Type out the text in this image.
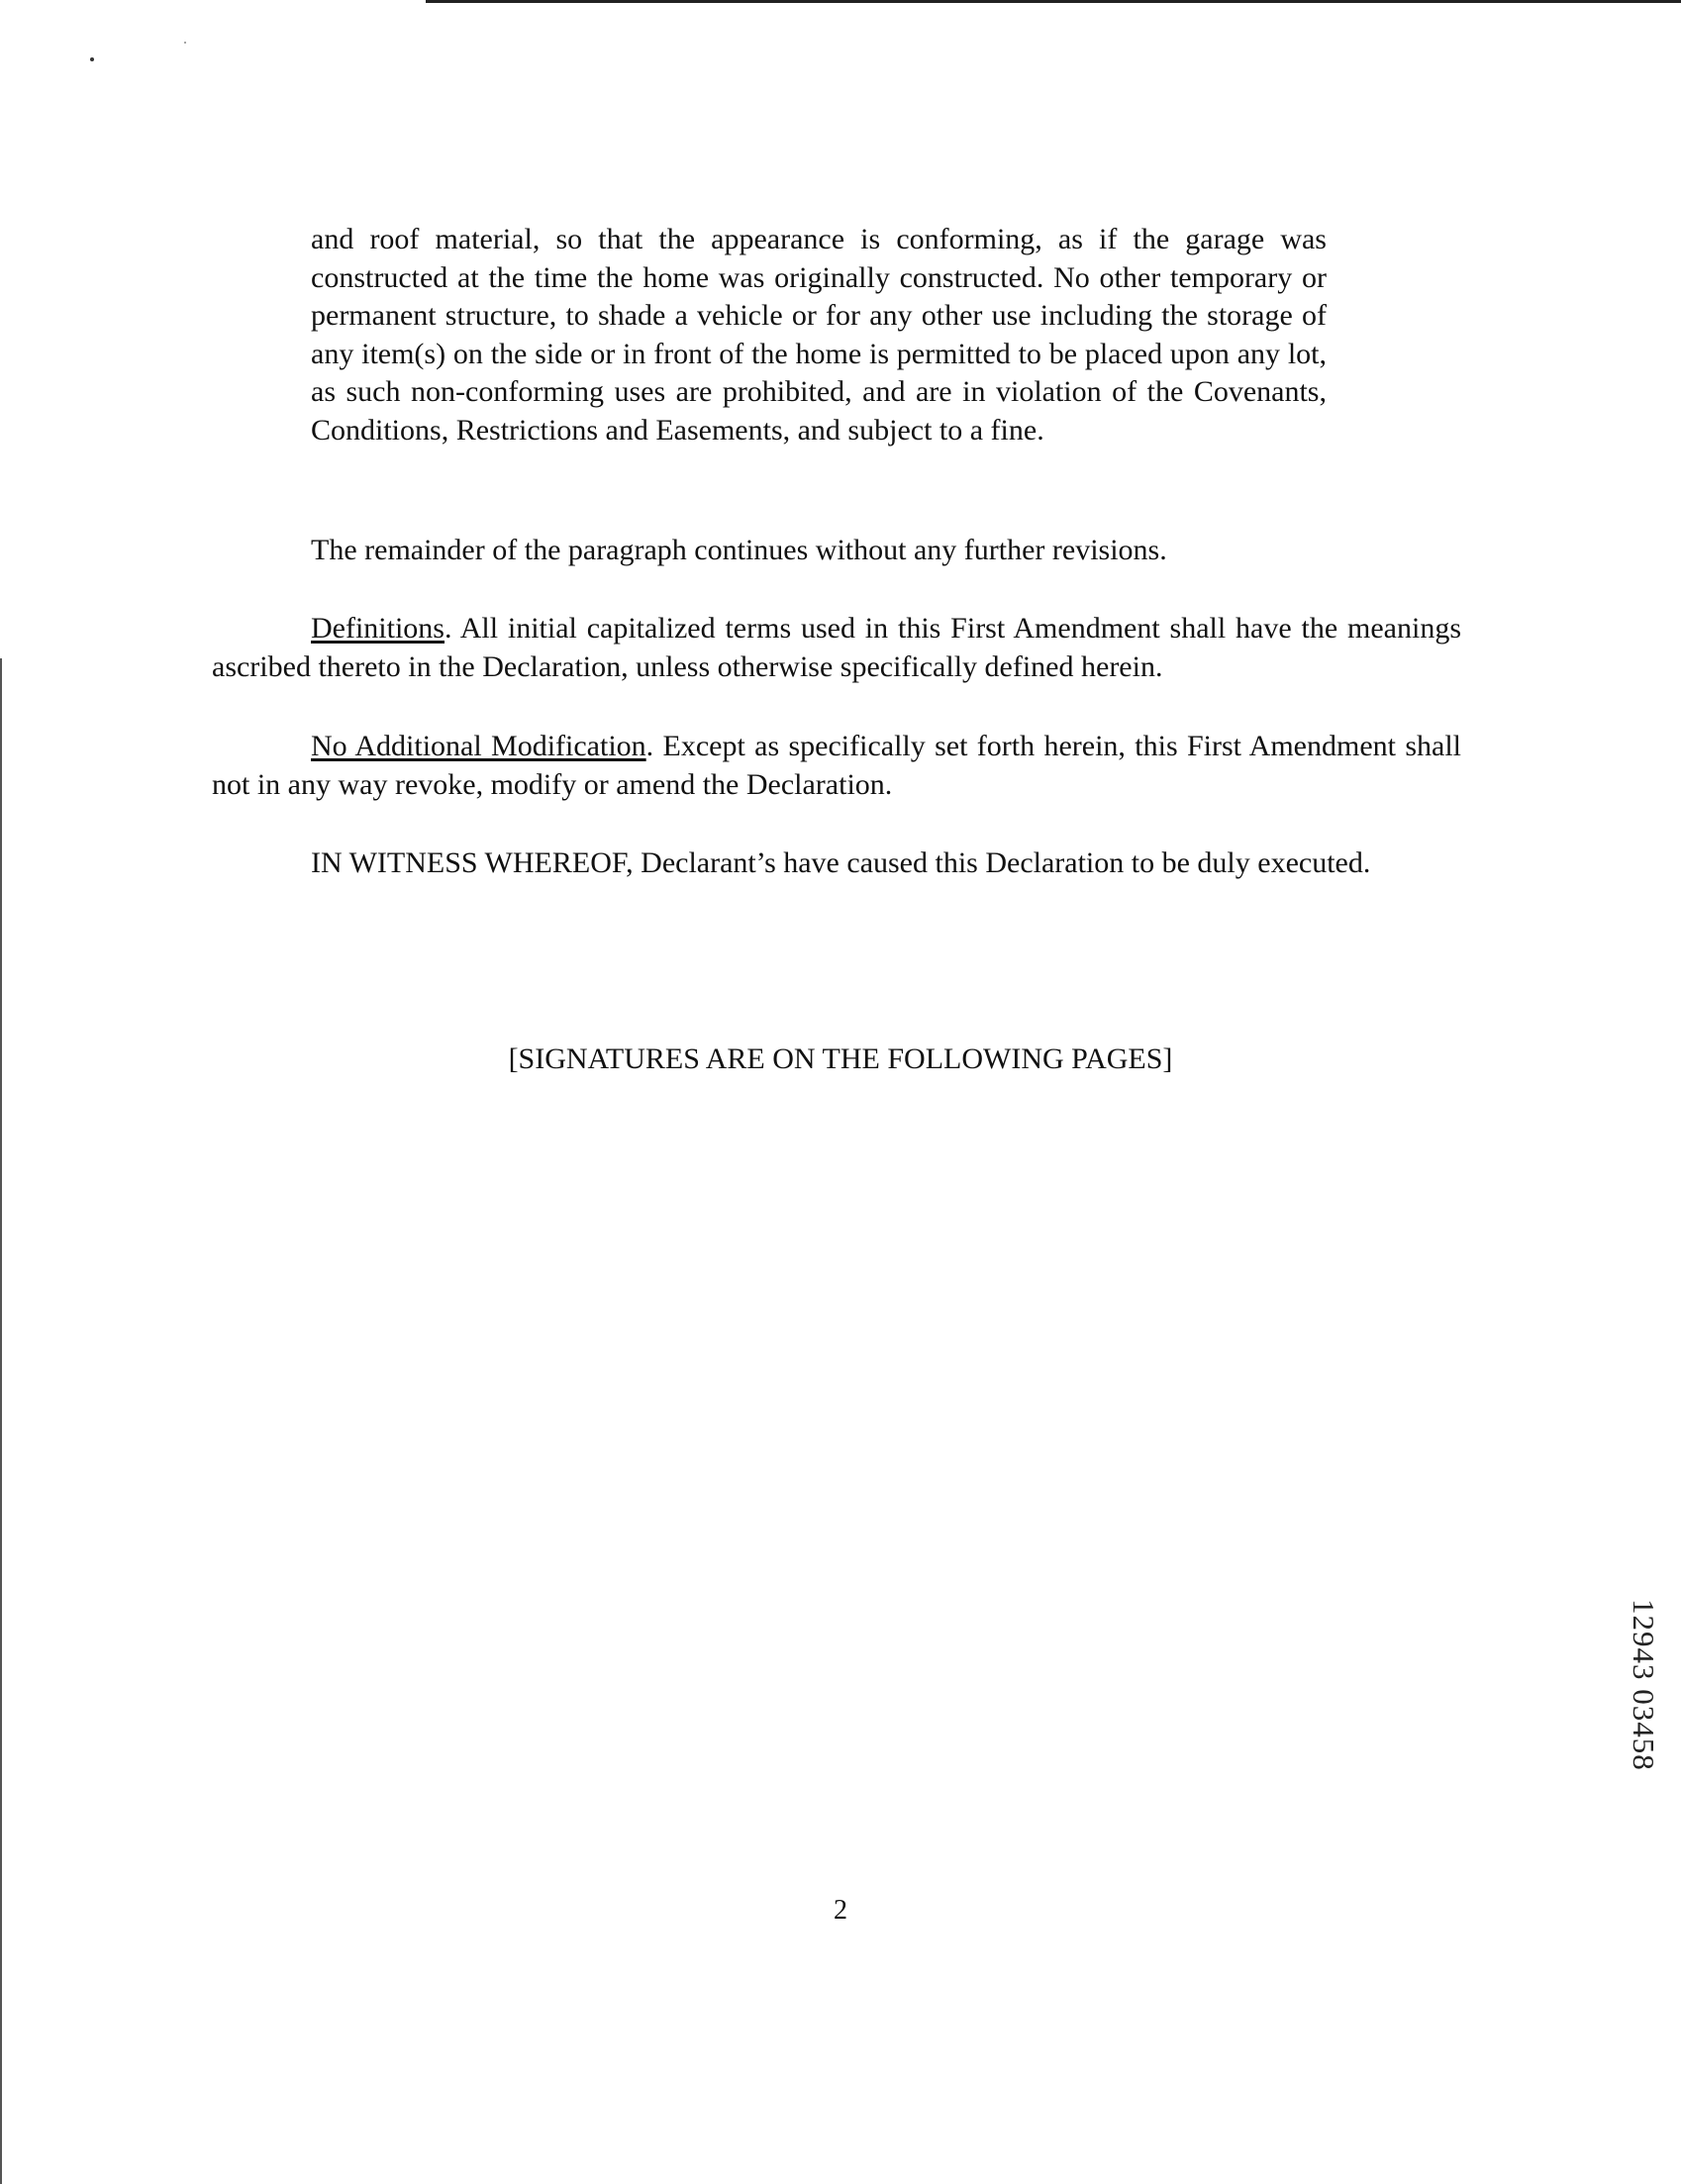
and roof material, so that the appearance is conforming, as if the garage was constructed at the time the home was originally constructed. No other temporary or permanent structure, to shade a vehicle or for any other use including the storage of any item(s) on the side or in front of the home is permitted to be placed upon any lot, as such non-conforming uses are prohibited, and are in violation of the Covenants, Conditions, Restrictions and Easements, and subject to a fine.

The remainder of the paragraph continues without any further revisions.

Definitions. All initial capitalized terms used in this First Amendment shall have the meanings ascribed thereto in the Declaration, unless otherwise specifically defined herein.

No Additional Modification. Except as specifically set forth herein, this First Amendment shall not in any way revoke, modify or amend the Declaration.

IN WITNESS WHEREOF, Declarant’s have caused this Declaration to be duly executed.

[SIGNATURES ARE ON THE FOLLOWING PAGES]

2

12943 03458
